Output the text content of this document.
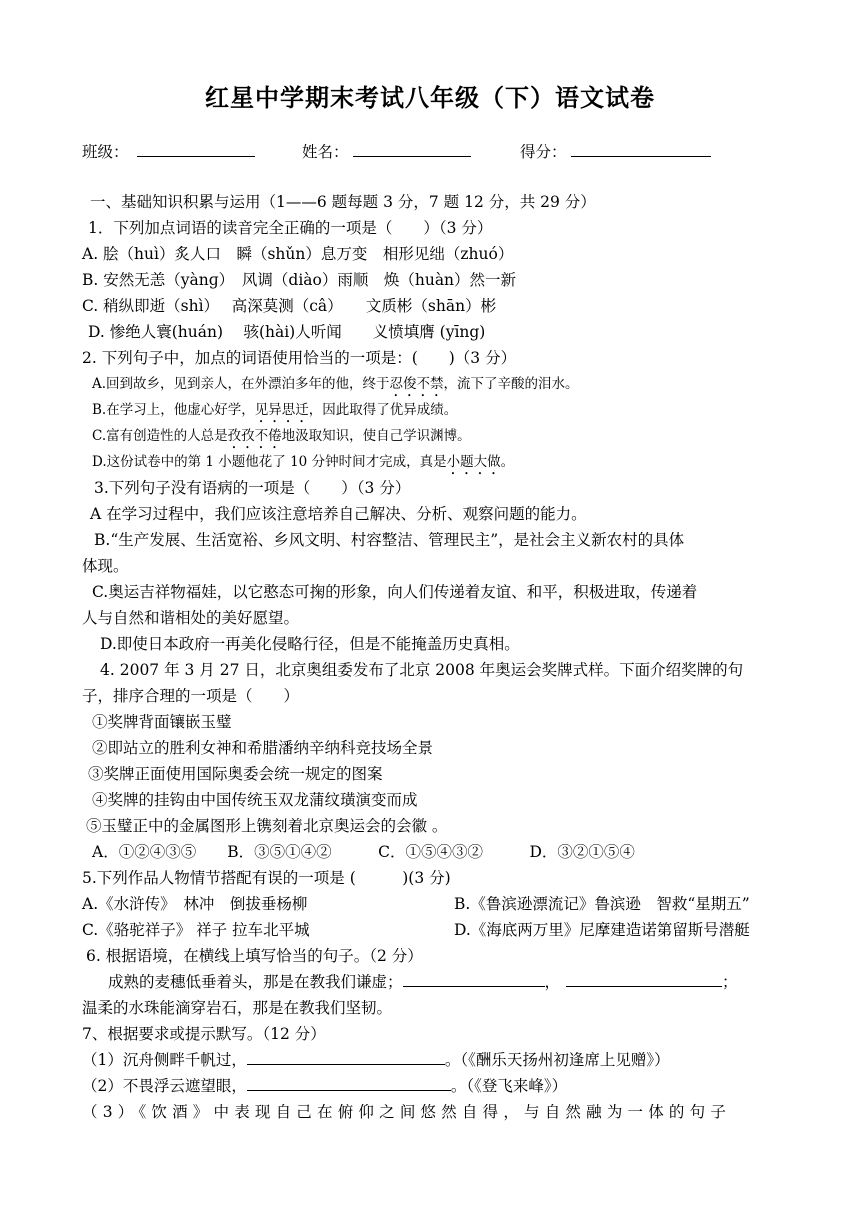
红星中学期末考试八年级（下）语文试卷
班级：	姓名：	得分：
一、基础知识积累与运用（1——6 题每题 3 分，7 题 12 分，共 29 分）
1．下列加点词语的读音完全正确的一项是（　　）（3 分）
A. 脍（huì）炙人口　瞬（shǔn）息万变　相形见绌（zhuó）
B. 安然无恙（yànɡ）　风调（diào）雨顺　焕（huàn）然一新
C. 稍纵即逝（shì）　 高深莫测（câ）　　文质彬（shān）彬
D. 惨绝人寰(huán)　 骇(hài)人听闻　　义愤填膺 (yīng)
2. 下列句子中，加点的词语使用恰当的一项是：(　　)（3 分）
A.回到故乡，见到亲人，在外漂泊多年的他，终于忍俊不禁，流下了辛酸的泪水。
B.在学习上，他虚心好学，见异思迁，因此取得了优异成绩。
C.富有创造性的人总是孜孜不倦地汲取知识，使自己学识渊博。
D.这份试卷中的第 1 小题他花了 10 分钟时间才完成，真是小题大做。
3.下列句子没有语病的一项是（　　）（3 分）
A 在学习过程中，我们应该注意培养自己解决、分析、观察问题的能力。
B.“生产发展、生活宽裕、乡风文明、村容整洁、管理民主”，是社会主义新农村的具体
体现。
C.奥运吉祥物福娃，以它憨态可掬的形象，向人们传递着友谊、和平，积极进取，传递着
人与自然和谐相处的美好愿望。
D.即使日本政府一再美化侵略行径，但是不能掩盖历史真相。
4. 2007 年 3 月 27 日，北京奥组委发布了北京 2008 年奥运会奖牌式样。下面介绍奖牌的句
子，排序合理的一项是（　　）
①奖牌背面镶嵌玉璧
②即站立的胜利女神和希腊潘纳辛纳科竞技场全景
③奖牌正面使用国际奥委会统一规定的图案
④奖牌的挂钩由中国传统玉双龙蒲纹璜演变而成
⑤玉璧正中的金属图形上镌刻着北京奥运会的会徽 。
A．①②④③⑤　　B．③⑤①④②　　　C．①⑤④③②　　　D．③②①⑤④
5.下列作品人物情节搭配有误的一项是 (　　　)(3 分)
A.《水浒传》　林冲　倒拔垂杨柳	B.《鲁滨逊漂流记》鲁滨逊　智救“星期五”
C.《骆驼祥子》 祥子 拉车北平城	D.《海底两万里》尼摩建造诺第留斯号潜艇
6. 根据语境，在横线上填写恰当的句子。（2 分）
成熟的麦穗低垂着头，那是在教我们谦虚；	，	；
温柔的水珠能滴穿岩石，那是在教我们坚韧。
7、根据要求或提示默写。（12 分）
（1）沉舟侧畔千帆过，	。（《酬乐天扬州初逢席上见赠》）
（2）不畏浮云遮望眼，	。（《登飞来峰》）
（3）《饮酒》中表现自己在俯仰之间悠然自得，与自然融为一体的句子
